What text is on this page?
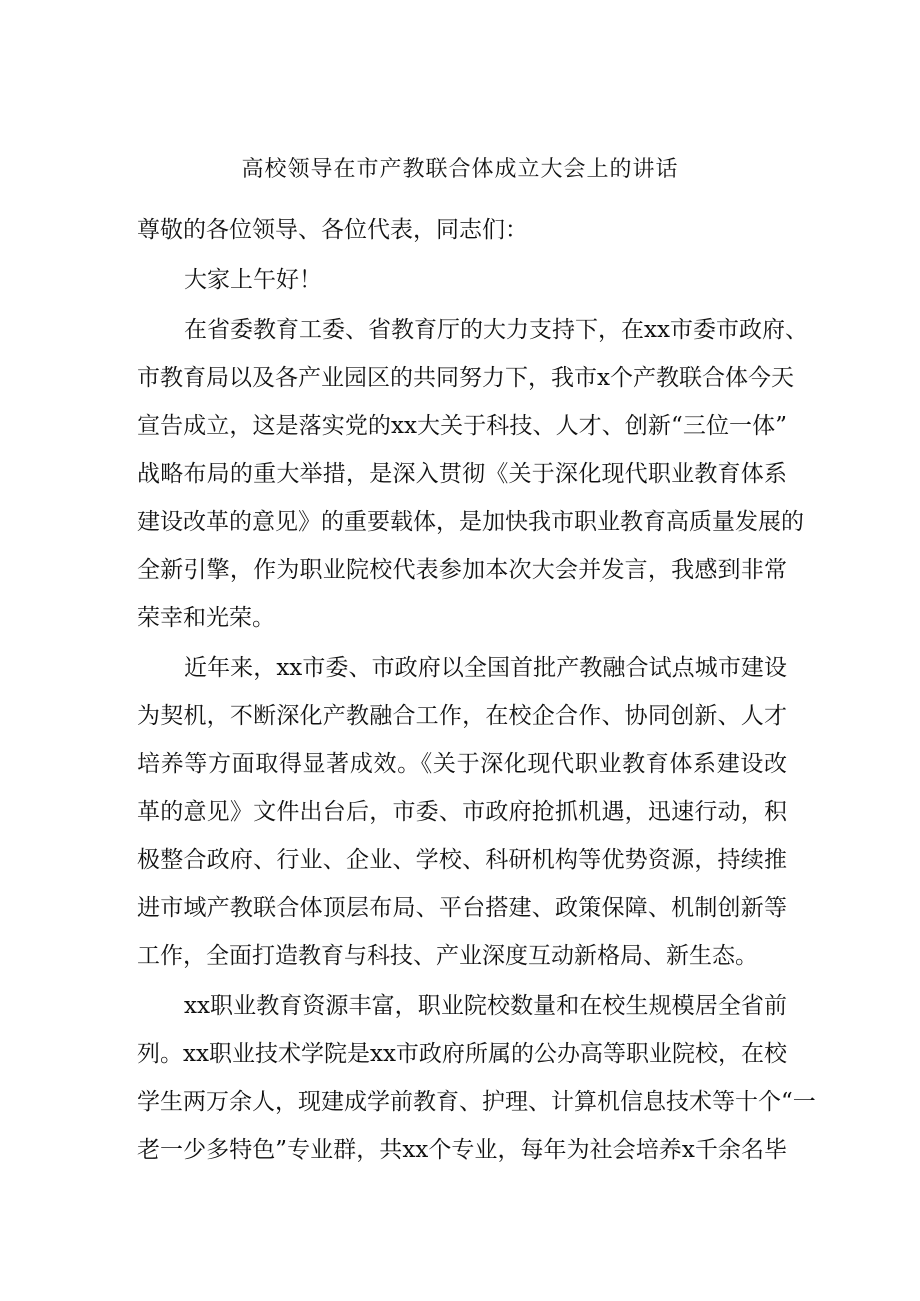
高校领导在市产教联合体成立大会上的讲话
尊敬的各位领导、各位代表，同志们：
大家上午好！
在省委教育工委、省教育厅的大力支持下，在xx市委市政府、
市教育局以及各产业园区的共同努力下，我市x个产教联合体今天
宣告成立，这是落实党的xx大关于科技、人才、创新“三位一体”
战略布局的重大举措，是深入贯彻《关于深化现代职业教育体系
建设改革的意见》的重要载体，是加快我市职业教育高质量发展的
全新引擎，作为职业院校代表参加本次大会并发言，我感到非常
荣幸和光荣。
近年来，xx市委、市政府以全国首批产教融合试点城市建设
为契机，不断深化产教融合工作，在校企合作、协同创新、人才
培养等方面取得显著成效。《关于深化现代职业教育体系建设改
革的意见》文件出台后，市委、市政府抢抓机遇，迅速行动，积
极整合政府、行业、企业、学校、科研机构等优势资源，持续推
进市域产教联合体顶层布局、平台搭建、政策保障、机制创新等
工作，全面打造教育与科技、产业深度互动新格局、新生态。
xx职业教育资源丰富，职业院校数量和在校生规模居全省前
列。xx职业技术学院是xx市政府所属的公办高等职业院校，在校
学生两万余人，现建成学前教育、护理、计算机信息技术等十个“一
老一少多特色”专业群，共xx个专业，每年为社会培养x千余名毕
